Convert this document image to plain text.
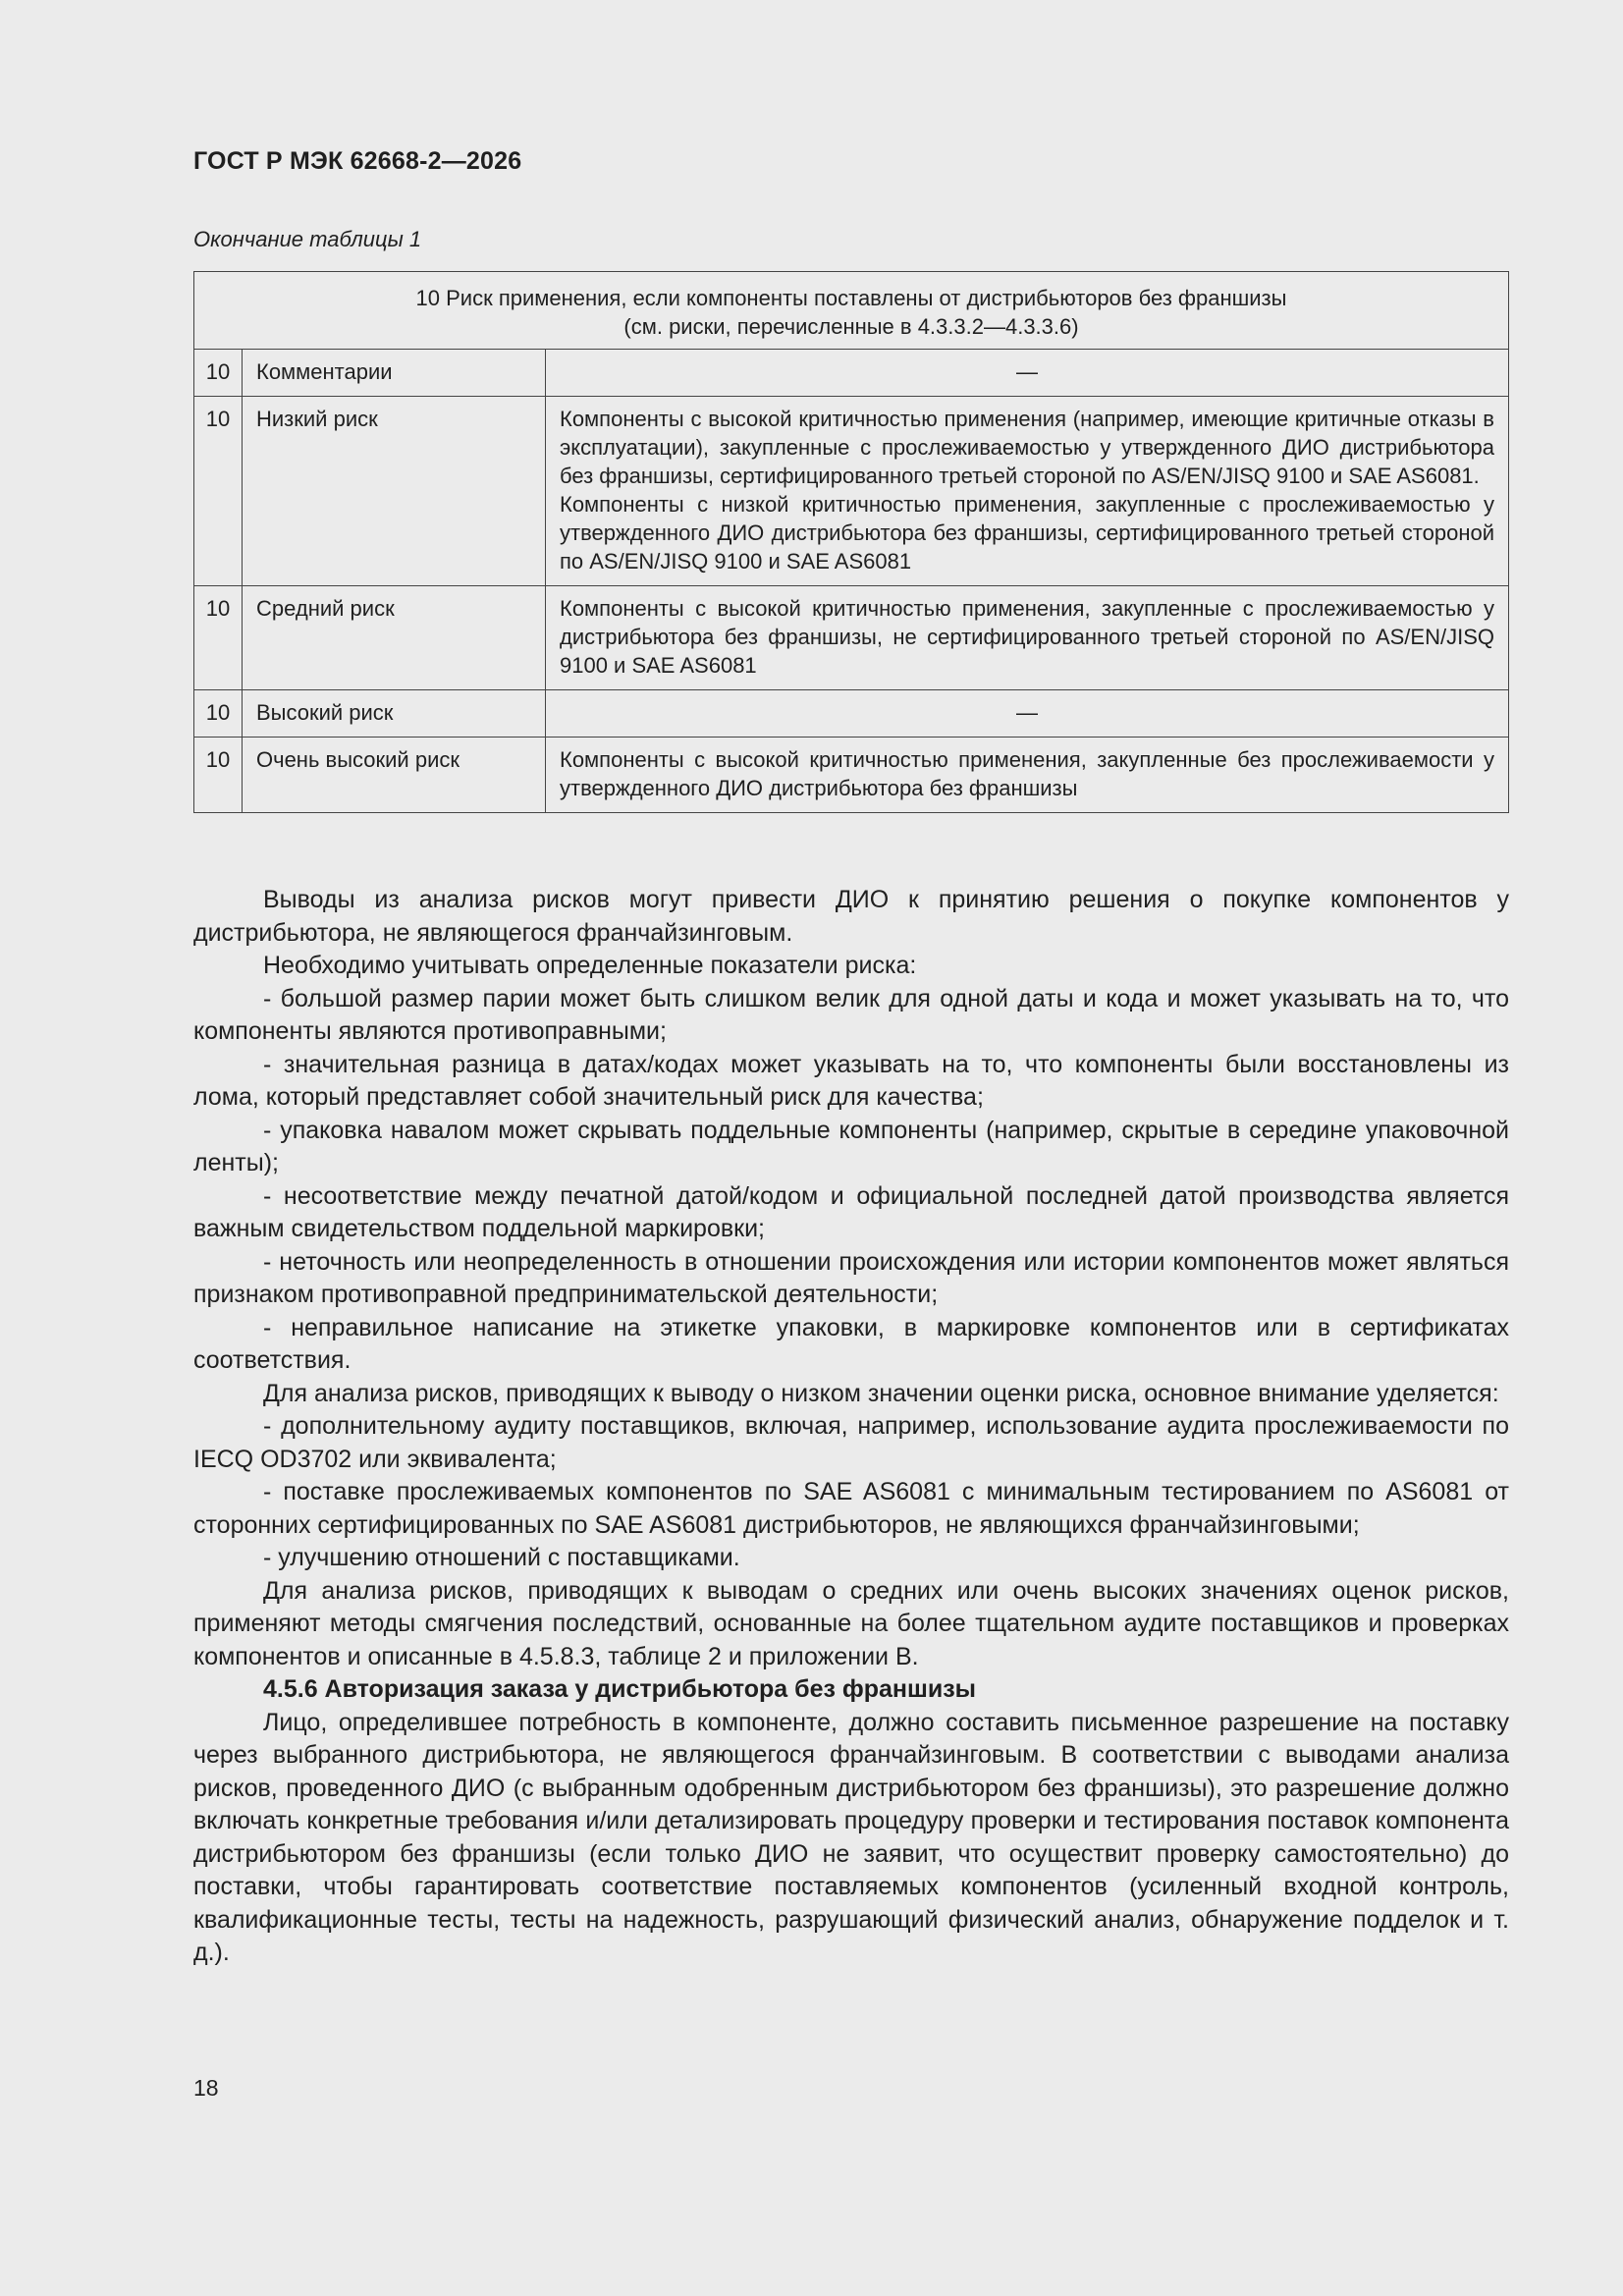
ГОСТ Р МЭК 62668-2—2026
Окончание таблицы 1
10 Риск применения, если компоненты поставлены от дистрибьюторов без франшизы
(см. риски, перечисленные в 4.3.3.2—4.3.3.6)		

10	Комментарии	—
10	Низкий риск	Компоненты с высокой критичностью применения (например, имеющие критичные отказы в эксплуатации), закупленные с прослеживаемостью у утвержденного ДИО дистрибьютора без франшизы, сертифицированного третьей стороной по AS/EN/JISQ 9100 и SAE AS6081.
Компоненты с низкой критичностью применения, закупленные с прослеживаемостью у утвержденного ДИО дистрибьютора без франшизы, сертифицированного третьей стороной по AS/EN/JISQ 9100 и SAE AS6081

10	Средний риск	Компоненты с высокой критичностью применения, закупленные с прослеживаемостью у дистрибьютора без франшизы, не сертифицированного третьей стороной по AS/EN/JISQ 9100 и SAE AS6081
10	Высокий риск	—
10	Очень высокий риск	Компоненты с высокой критичностью применения, закупленные без прослеживаемости у утвержденного ДИО дистрибьютора без франшизы

Выводы из анализа рисков могут привести ДИО к принятию решения о покупке компонентов у дистрибьютора, не являющегося франчайзинговым.

Необходимо учитывать определенные показатели риска:

- большой размер парии может быть слишком велик для одной даты и кода и может указывать на то, что компоненты являются противоправными;

- значительная разница в датах/кодах может указывать на то, что компоненты были восстановлены из лома, который представляет собой значительный риск для качества;

- упаковка навалом может скрывать поддельные компоненты (например, скрытые в середине упаковочной ленты);

- несоответствие между печатной датой/кодом и официальной последней датой производства является важным свидетельством поддельной маркировки;

- неточность или неопределенность в отношении происхождения или истории компонентов может являться признаком противоправной предпринимательской деятельности;

- неправильное написание на этикетке упаковки, в маркировке компонентов или в сертификатах соответствия.

Для анализа рисков, приводящих к выводу о низком значении оценки риска, основное внимание уделяется:

- дополнительному аудиту поставщиков, включая, например, использование аудита прослеживаемости по IECQ OD3702 или эквивалента;

- поставке прослеживаемых компонентов по SAE AS6081 с минимальным тестированием по AS6081 от сторонних сертифицированных по SAE AS6081 дистрибьюторов, не являющихся франчайзинговыми;

- улучшению отношений с поставщиками.

Для анализа рисков, приводящих к выводам о средних или очень высоких значениях оценок рисков, применяют методы смягчения последствий, основанные на более тщательном аудите поставщиков и проверках компонентов и описанные в 4.5.8.3, таблице 2 и приложении В.

4.5.6 Авторизация заказа у дистрибьютора без франшизы

Лицо, определившее потребность в компоненте, должно составить письменное разрешение на поставку через выбранного дистрибьютора, не являющегося франчайзинговым. В соответствии с выводами анализа рисков, проведенного ДИО (с выбранным одобренным дистрибьютором без франшизы), это разрешение должно включать конкретные требования и/или детализировать процедуру проверки и тестирования поставок компонента дистрибьютором без франшизы (если только ДИО не заявит, что осуществит проверку самостоятельно) до поставки, чтобы гарантировать соответствие поставляемых компонентов (усиленный входной контроль, квалификационные тесты, тесты на надежность, разрушающий физический анализ, обнаружение подделок и т. д.).

18
